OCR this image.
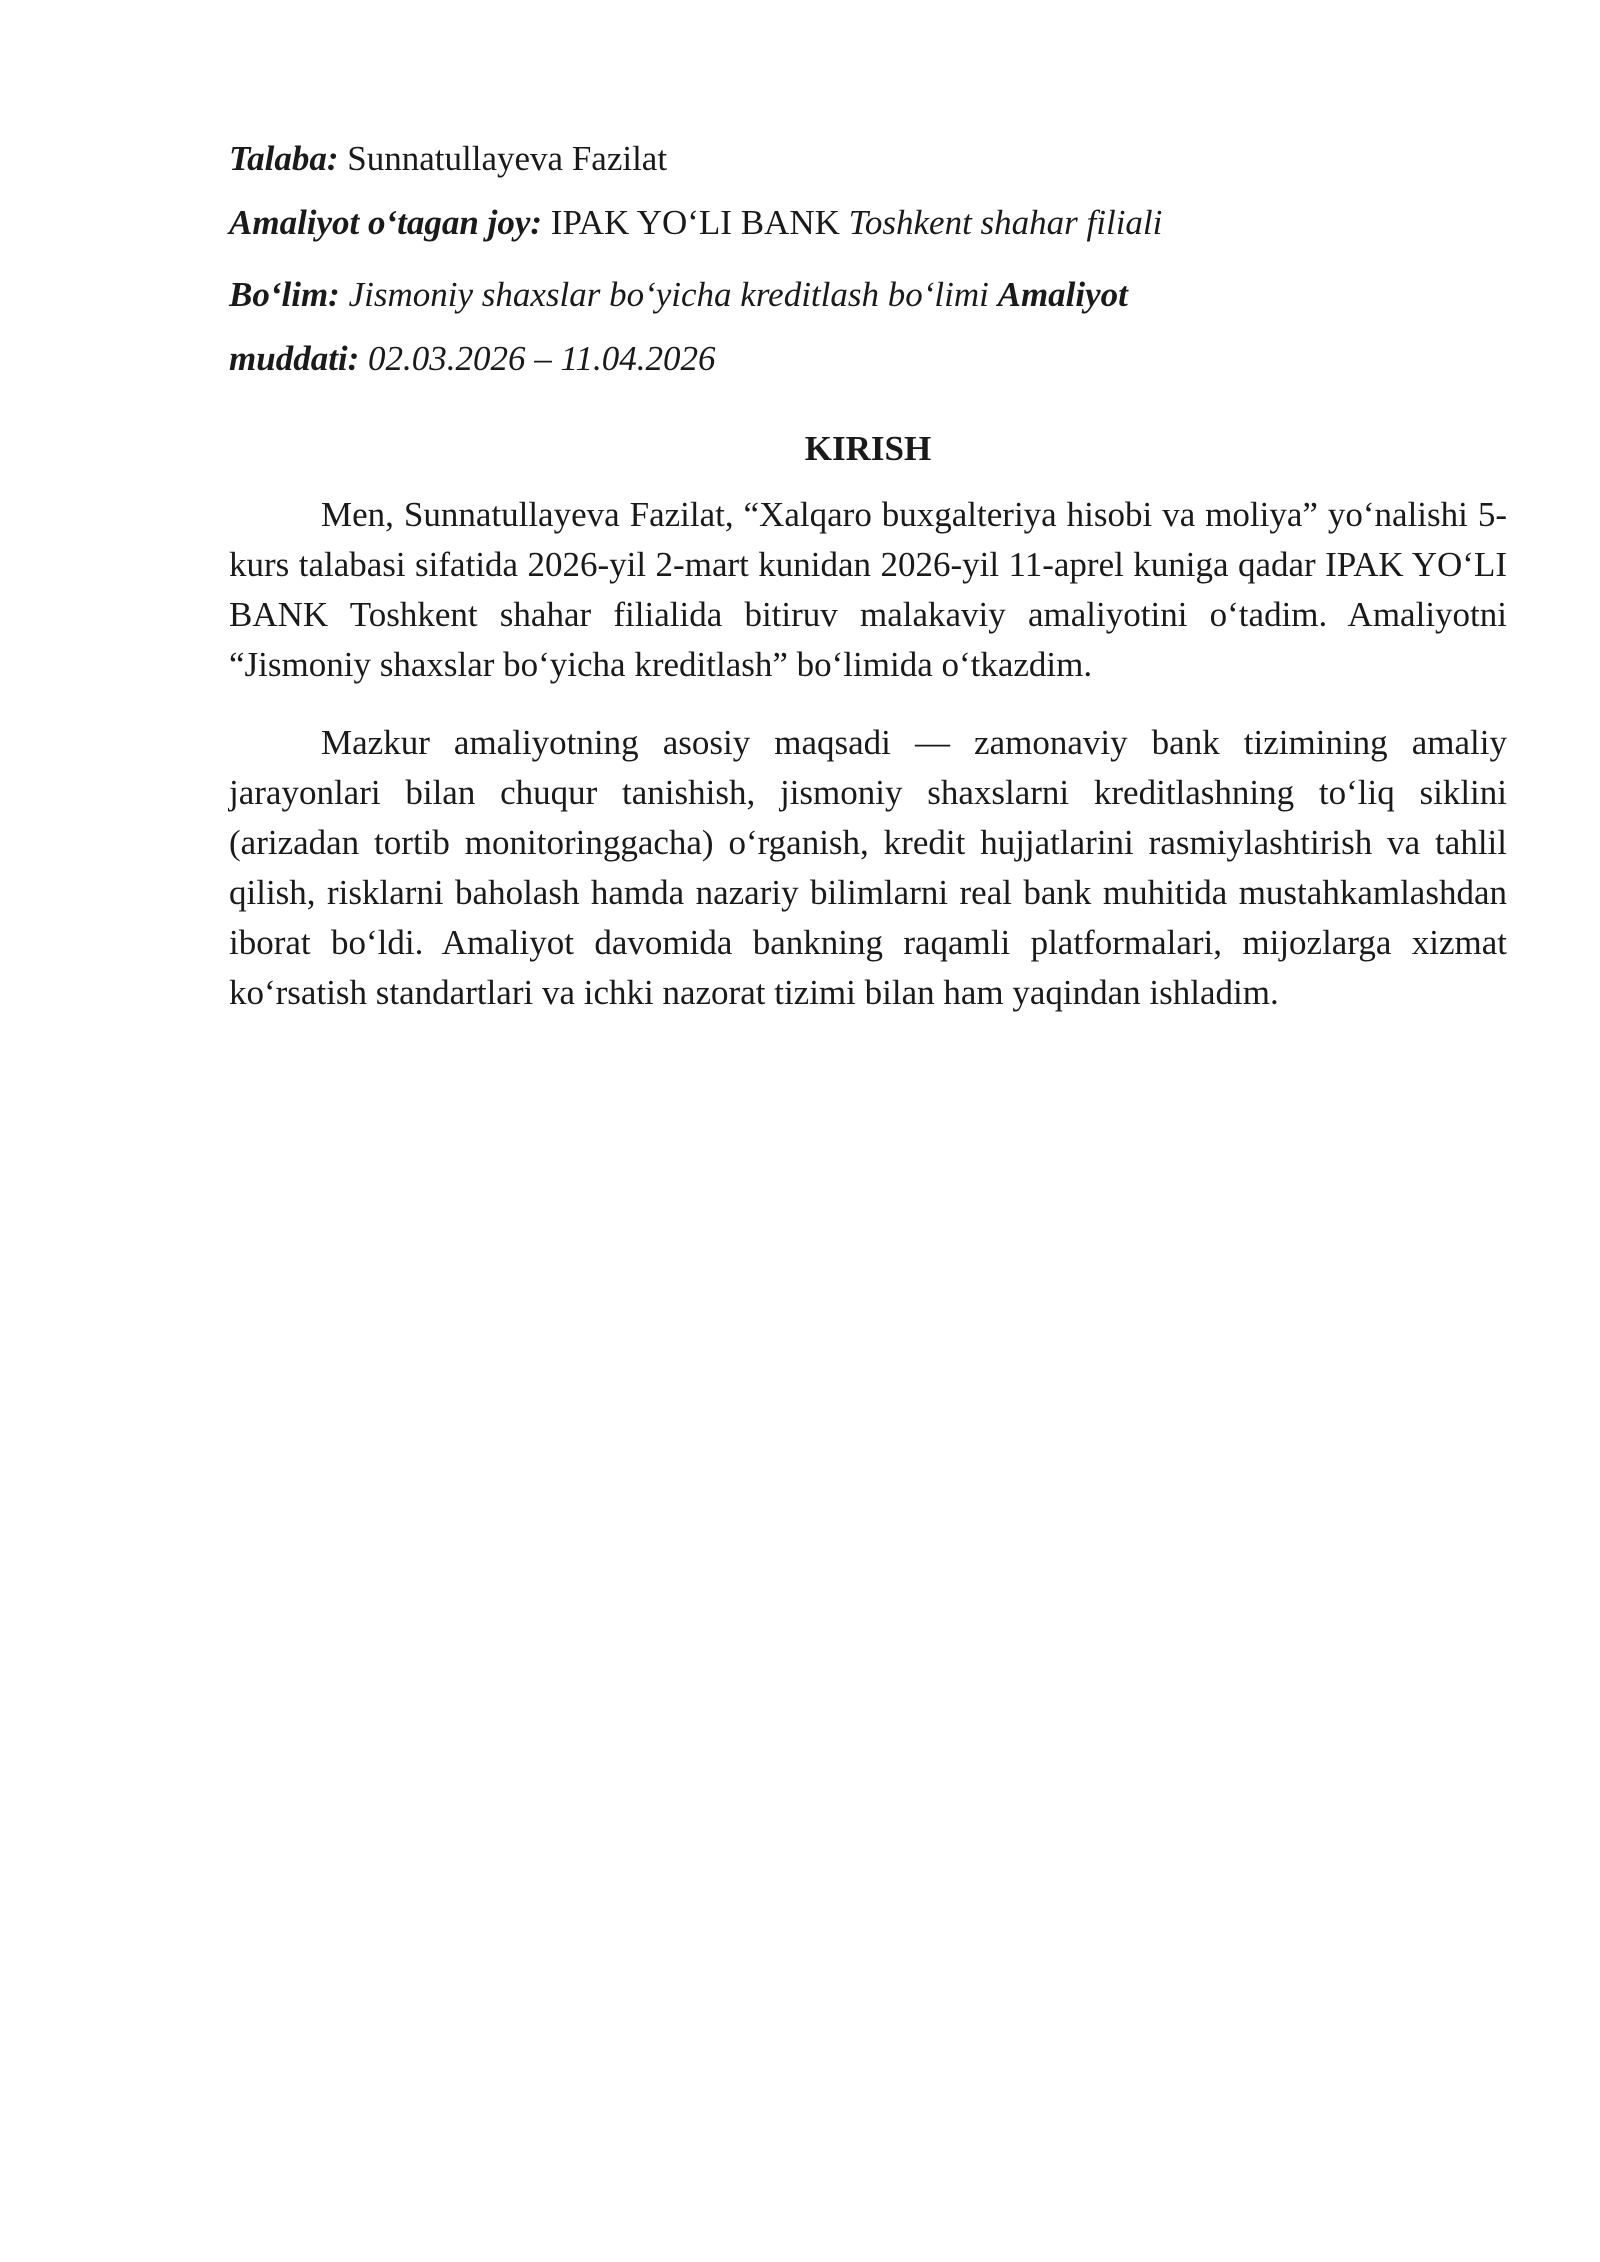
Talaba: Sunnatullayeva Fazilat

Amaliyot oʻtagan joy: IPAK YOʻLI BANK Toshkent shahar filiali

Boʻlim: Jismoniy shaxslar boʻyicha kreditlash boʻlimi Amaliyot

muddati: 02.03.2026 – 11.04.2026

KIRISH

Men, Sunnatullayeva Fazilat, “Xalqaro buxgalteriya hisobi va moliya” yoʻnalishi 5-kurs talabasi sifatida 2026-yil 2-mart kunidan 2026-yil 11-aprel kuniga qadar IPAK YOʻLI BANK Toshkent shahar filialida bitiruv malakaviy amaliyotini oʻtadim. Amaliyotni “Jismoniy shaxslar boʻyicha kreditlash” boʻlimida oʻtkazdim.

Mazkur amaliyotning asosiy maqsadi — zamonaviy bank tizimining amaliy jarayonlari bilan chuqur tanishish, jismoniy shaxslarni kreditlashning toʻliq siklini (arizadan tortib monitoringgacha) oʻrganish, kredit hujjatlarini rasmiylashtirish va tahlil qilish, risklarni baholash hamda nazariy bilimlarni real bank muhitida mustahkamlashdan iborat boʻldi. Amaliyot davomida bankning raqamli platformalari, mijozlarga xizmat koʻrsatish standartlari va ichki nazorat tizimi bilan ham yaqindan ishladim.
